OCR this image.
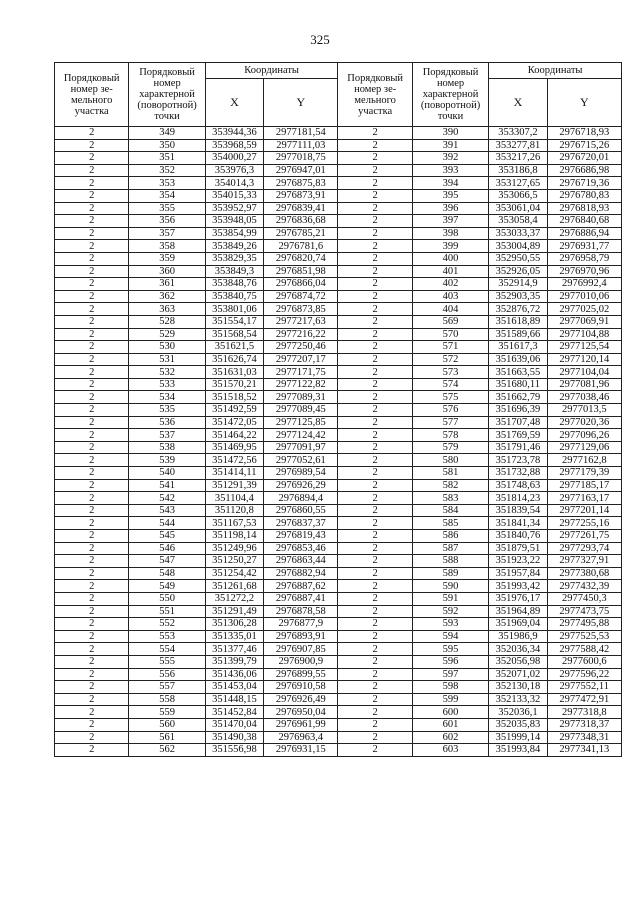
325
Порядковый номер зе-мельного участка	Порядковый номер характерной (поворотной) точки	Координаты		Порядковый номер зе-мельного участка	Порядковый номер характерной (поворотной) точки	Координаты	
		X	Y			X	Y
2	349	353944,36	2977181,54	2	390	353307,2	2976718,93
2	350	353968,59	2977111,03	2	391	353277,81	2976715,26
2	351	354000,27	2977018,75	2	392	353217,26	2976720,01
2	352	353976,3	2976947,01	2	393	353186,8	2976686,98
2	353	354014,3	2976875,83	2	394	353127,65	2976719,36
2	354	354015,33	2976873,91	2	395	353066,5	2976780,83
2	355	353952,97	2976839,41	2	396	353061,04	2976818,93
2	356	353948,05	2976836,68	2	397	353058,4	2976840,68
2	357	353854,99	2976785,21	2	398	353033,37	2976886,94
2	358	353849,26	2976781,6	2	399	353004,89	2976931,77
2	359	353829,35	2976820,74	2	400	352950,55	2976958,79
2	360	353849,3	2976851,98	2	401	352926,05	2976970,96
2	361	353848,76	2976866,04	2	402	352914,9	2976992,4
2	362	353840,75	2976874,72	2	403	352903,35	2977010,06
2	363	353801,06	2976873,85	2	404	352876,72	2977025,02
2	528	351554,17	2977217,63	2	569	351618,89	2977069,91
2	529	351568,54	2977216,22	2	570	351589,66	2977104,88
2	530	351621,5	2977250,46	2	571	351617,3	2977125,54
2	531	351626,74	2977207,17	2	572	351639,06	2977120,14
2	532	351631,03	2977171,75	2	573	351663,55	2977104,04
2	533	351570,21	2977122,82	2	574	351680,11	2977081,96
2	534	351518,52	2977089,31	2	575	351662,79	2977038,46
2	535	351492,59	2977089,45	2	576	351696,39	2977013,5
2	536	351472,05	2977125,85	2	577	351707,48	2977020,36
2	537	351464,22	2977124,42	2	578	351769,59	2977096,26
2	538	351469,95	2977091,97	2	579	351791,46	2977129,06
2	539	351472,56	2977052,61	2	580	351723,78	2977162,8
2	540	351414,11	2976989,54	2	581	351732,88	2977179,39
2	541	351291,39	2976926,29	2	582	351748,63	2977185,17
2	542	351104,4	2976894,4	2	583	351814,23	2977163,17
2	543	351120,8	2976860,55	2	584	351839,54	2977201,14
2	544	351167,53	2976837,37	2	585	351841,34	2977255,16
2	545	351198,14	2976819,43	2	586	351840,76	2977261,75
2	546	351249,96	2976853,46	2	587	351879,51	2977293,74
2	547	351250,27	2976863,44	2	588	351923,22	2977327,91
2	548	351254,42	2976882,94	2	589	351957,84	2977380,68
2	549	351261,68	2976887,62	2	590	351993,42	2977432,39
2	550	351272,2	2976887,41	2	591	351976,17	2977450,3
2	551	351291,49	2976878,58	2	592	351964,89	2977473,75
2	552	351306,28	2976877,9	2	593	351969,04	2977495,88
2	553	351335,01	2976893,91	2	594	351986,9	2977525,53
2	554	351377,46	2976907,85	2	595	352036,34	2977588,42
2	555	351399,79	2976900,9	2	596	352056,98	2977600,6
2	556	351436,06	2976899,55	2	597	352071,02	2977596,22
2	557	351453,04	2976910,58	2	598	352130,18	2977552,11
2	558	351448,15	2976926,49	2	599	352133,32	2977472,91
2	559	351452,84	2976950,04	2	600	352036,1	2977318,8
2	560	351470,04	2976961,99	2	601	352035,83	2977318,37
2	561	351490,38	2976963,4	2	602	351999,14	2977348,31
2	562	351556,98	2976931,15	2	603	351993,84	2977341,13
